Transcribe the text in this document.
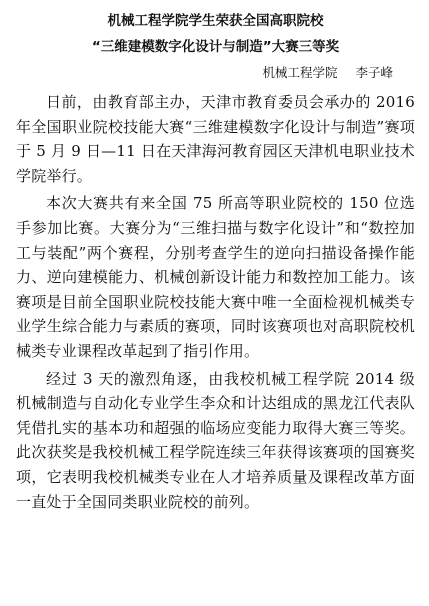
机械工程学院学生荣获全国高职院校
“三维建模数字化设计与制造”大赛三等奖
机械工程学院 李子峰

日前，由教育部主办，天津市教育委员会承办的 2016 年全国职业院校技能大赛“三维建模数字化设计与制造”赛项于 5 月 9 日—11 日在天津海河教育园区天津机电职业技术学院举行。

本次大赛共有来全国 75 所高等职业院校的 150 位选手参加比赛。大赛分为“三维扫描与数字化设计”和“数控加工与装配”两个赛程，分别考查学生的逆向扫描设备操作能力、逆向建模能力、机械创新设计能力和数控加工能力。该赛项是目前全国职业院校技能大赛中唯一全面检视机械类专业学生综合能力与素质的赛项，同时该赛项也对高职院校机械类专业课程改革起到了指引作用。

经过 3 天的激烈角逐，由我校机械工程学院 2014 级机械制造与自动化专业学生李众和计达组成的黑龙江代表队凭借扎实的基本功和超强的临场应变能力取得大赛三等奖。此次获奖是我校机械工程学院连续三年获得该赛项的国赛奖项，它表明我校机械类专业在人才培养质量及课程改革方面一直处于全国同类职业院校的前列。
